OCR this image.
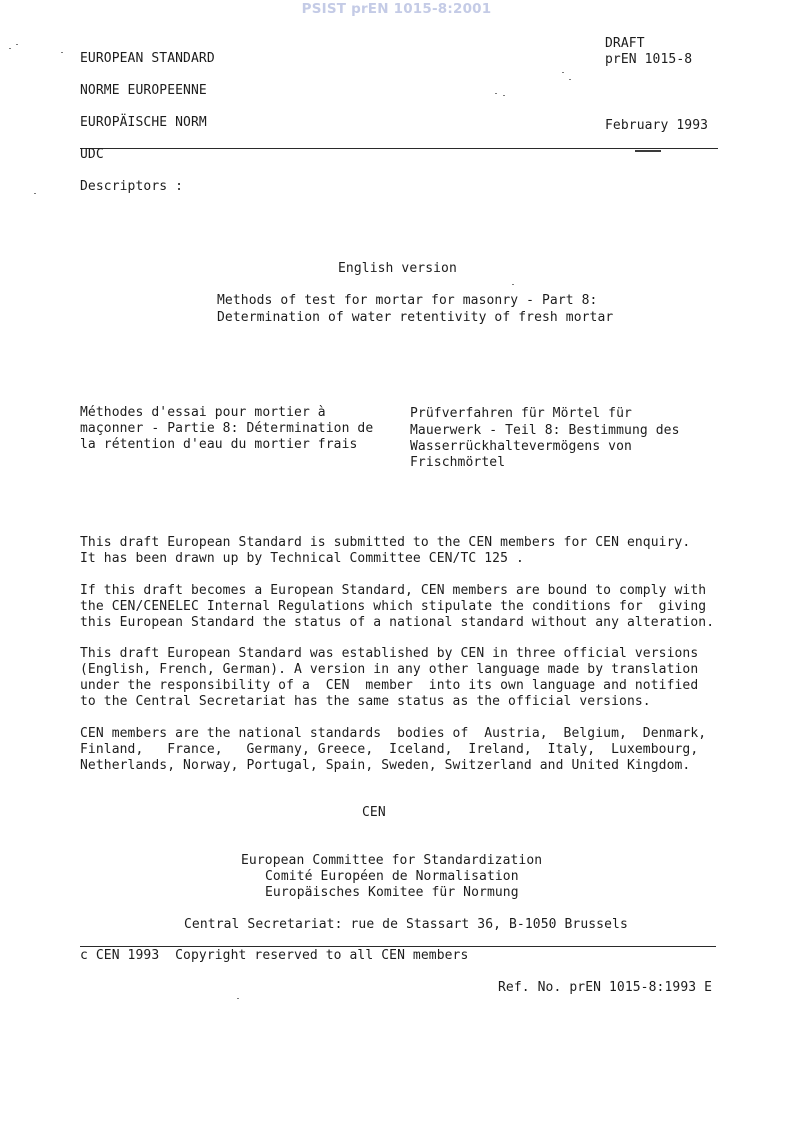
PSIST prEN 1015-8:2001
EUROPEAN STANDARD
NORME EUROPEENNE
EUROPÄISCHE NORM
DRAFT
prEN 1015-8
February 1993
UDC
Descriptors :
English version
Methods of test for mortar for masonry - Part 8:
Determination of water retentivity of fresh mortar
Méthodes d'essai pour mortier à
maçonner - Partie 8: Détermination de
la rétention d'eau du mortier frais
Prüfverfahren für Mörtel für
Mauerwerk - Teil 8: Bestimmung des
Wasserrückhaltevermögens von
Frischmörtel
This draft European Standard is submitted to the CEN members for CEN enquiry.
It has been drawn up by Technical Committee CEN/TC 125 .
If this draft becomes a European Standard, CEN members are bound to comply with
the CEN/CENELEC Internal Regulations which stipulate the conditions for  giving
this European Standard the status of a national standard without any alteration.
This draft European Standard was established by CEN in three official versions
(English, French, German). A version in any other language made by translation
under the responsibility of a  CEN  member  into its own language and notified
to the Central Secretariat has the same status as the official versions.
CEN members are the national standards  bodies of  Austria,  Belgium,  Denmark,
Finland,   France,   Germany, Greece,  Iceland,  Ireland,  Italy,  Luxembourg,
Netherlands, Norway, Portugal, Spain, Sweden, Switzerland and United Kingdom.
CEN
European Committee for Standardization
Comité Européen de Normalisation
Europäisches Komitee für Normung
Central Secretariat: rue de Stassart 36, B-1050 Brussels
c CEN 1993  Copyright reserved to all CEN members
Ref. No. prEN 1015-8:1993 E
